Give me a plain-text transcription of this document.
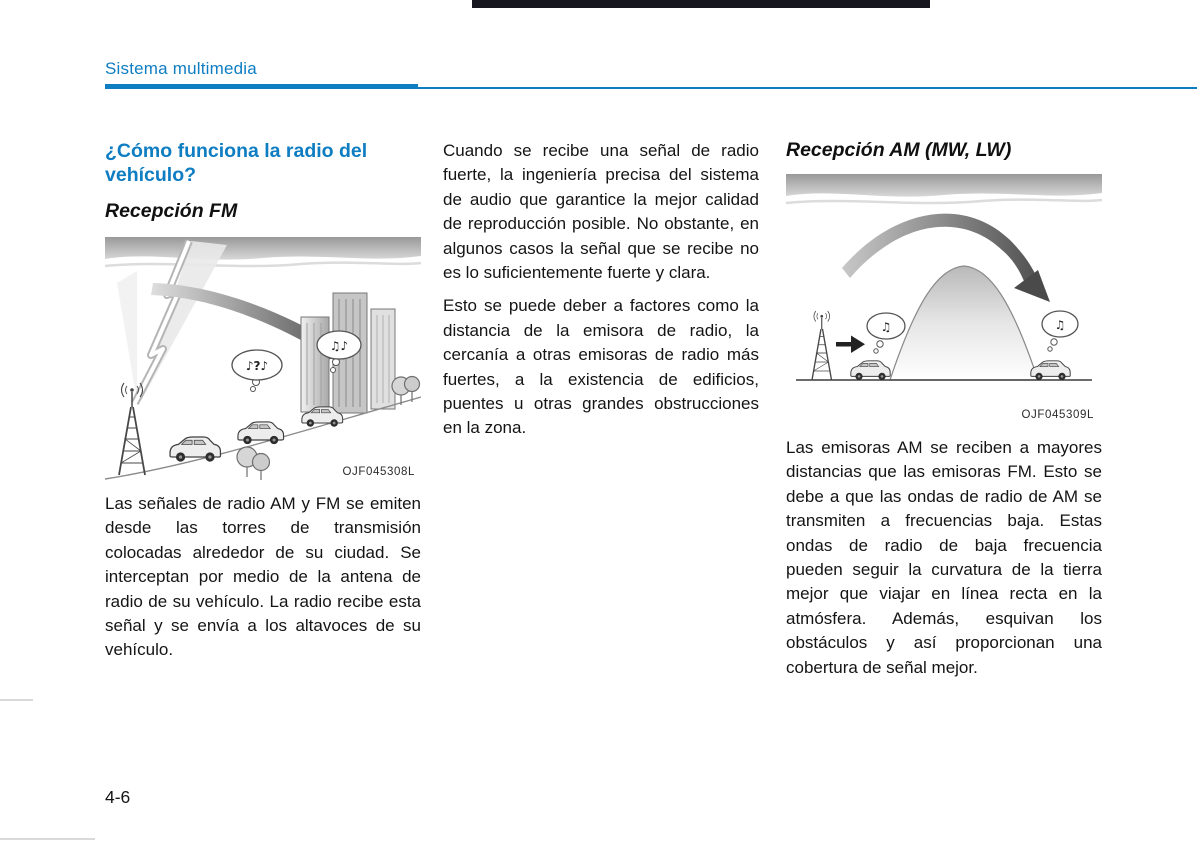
Sistema multimedia
¿Cómo funciona la radio del vehículo?
Recepción FM
♪?♪
♫♪
OJF045308L

Las señales de radio AM y FM se emiten desde las torres de transmisión colocadas alrededor de su ciudad. Se interceptan por medio de la antena de radio de su vehículo. La radio recibe esta señal y se envía a los altavoces de su vehículo.

Cuando se recibe una señal de radio fuerte, la ingeniería precisa del sistema de audio que garantice la mejor calidad de reproducción posible. No obstante, en algunos casos la señal que se recibe no es lo suficientemente fuerte y clara.

Esto se puede deber a factores como la distancia de la emisora de radio, la cercanía a otras emisoras de radio más fuertes, a la existencia de edificios, puentes u otras grandes obstrucciones en la zona.

Recepción AM (MW, LW)
♫	♫
OJF045309L

Las emisoras AM se reciben a mayores distancias que las emisoras FM. Esto se debe a que las ondas de radio de AM se transmiten a frecuencias baja. Estas ondas de radio de baja frecuencia pueden seguir la curvatura de la tierra mejor que viajar en línea recta en la atmósfera. Además, esquivan los obstáculos y así proporcionan una cobertura de señal mejor.

4-6
